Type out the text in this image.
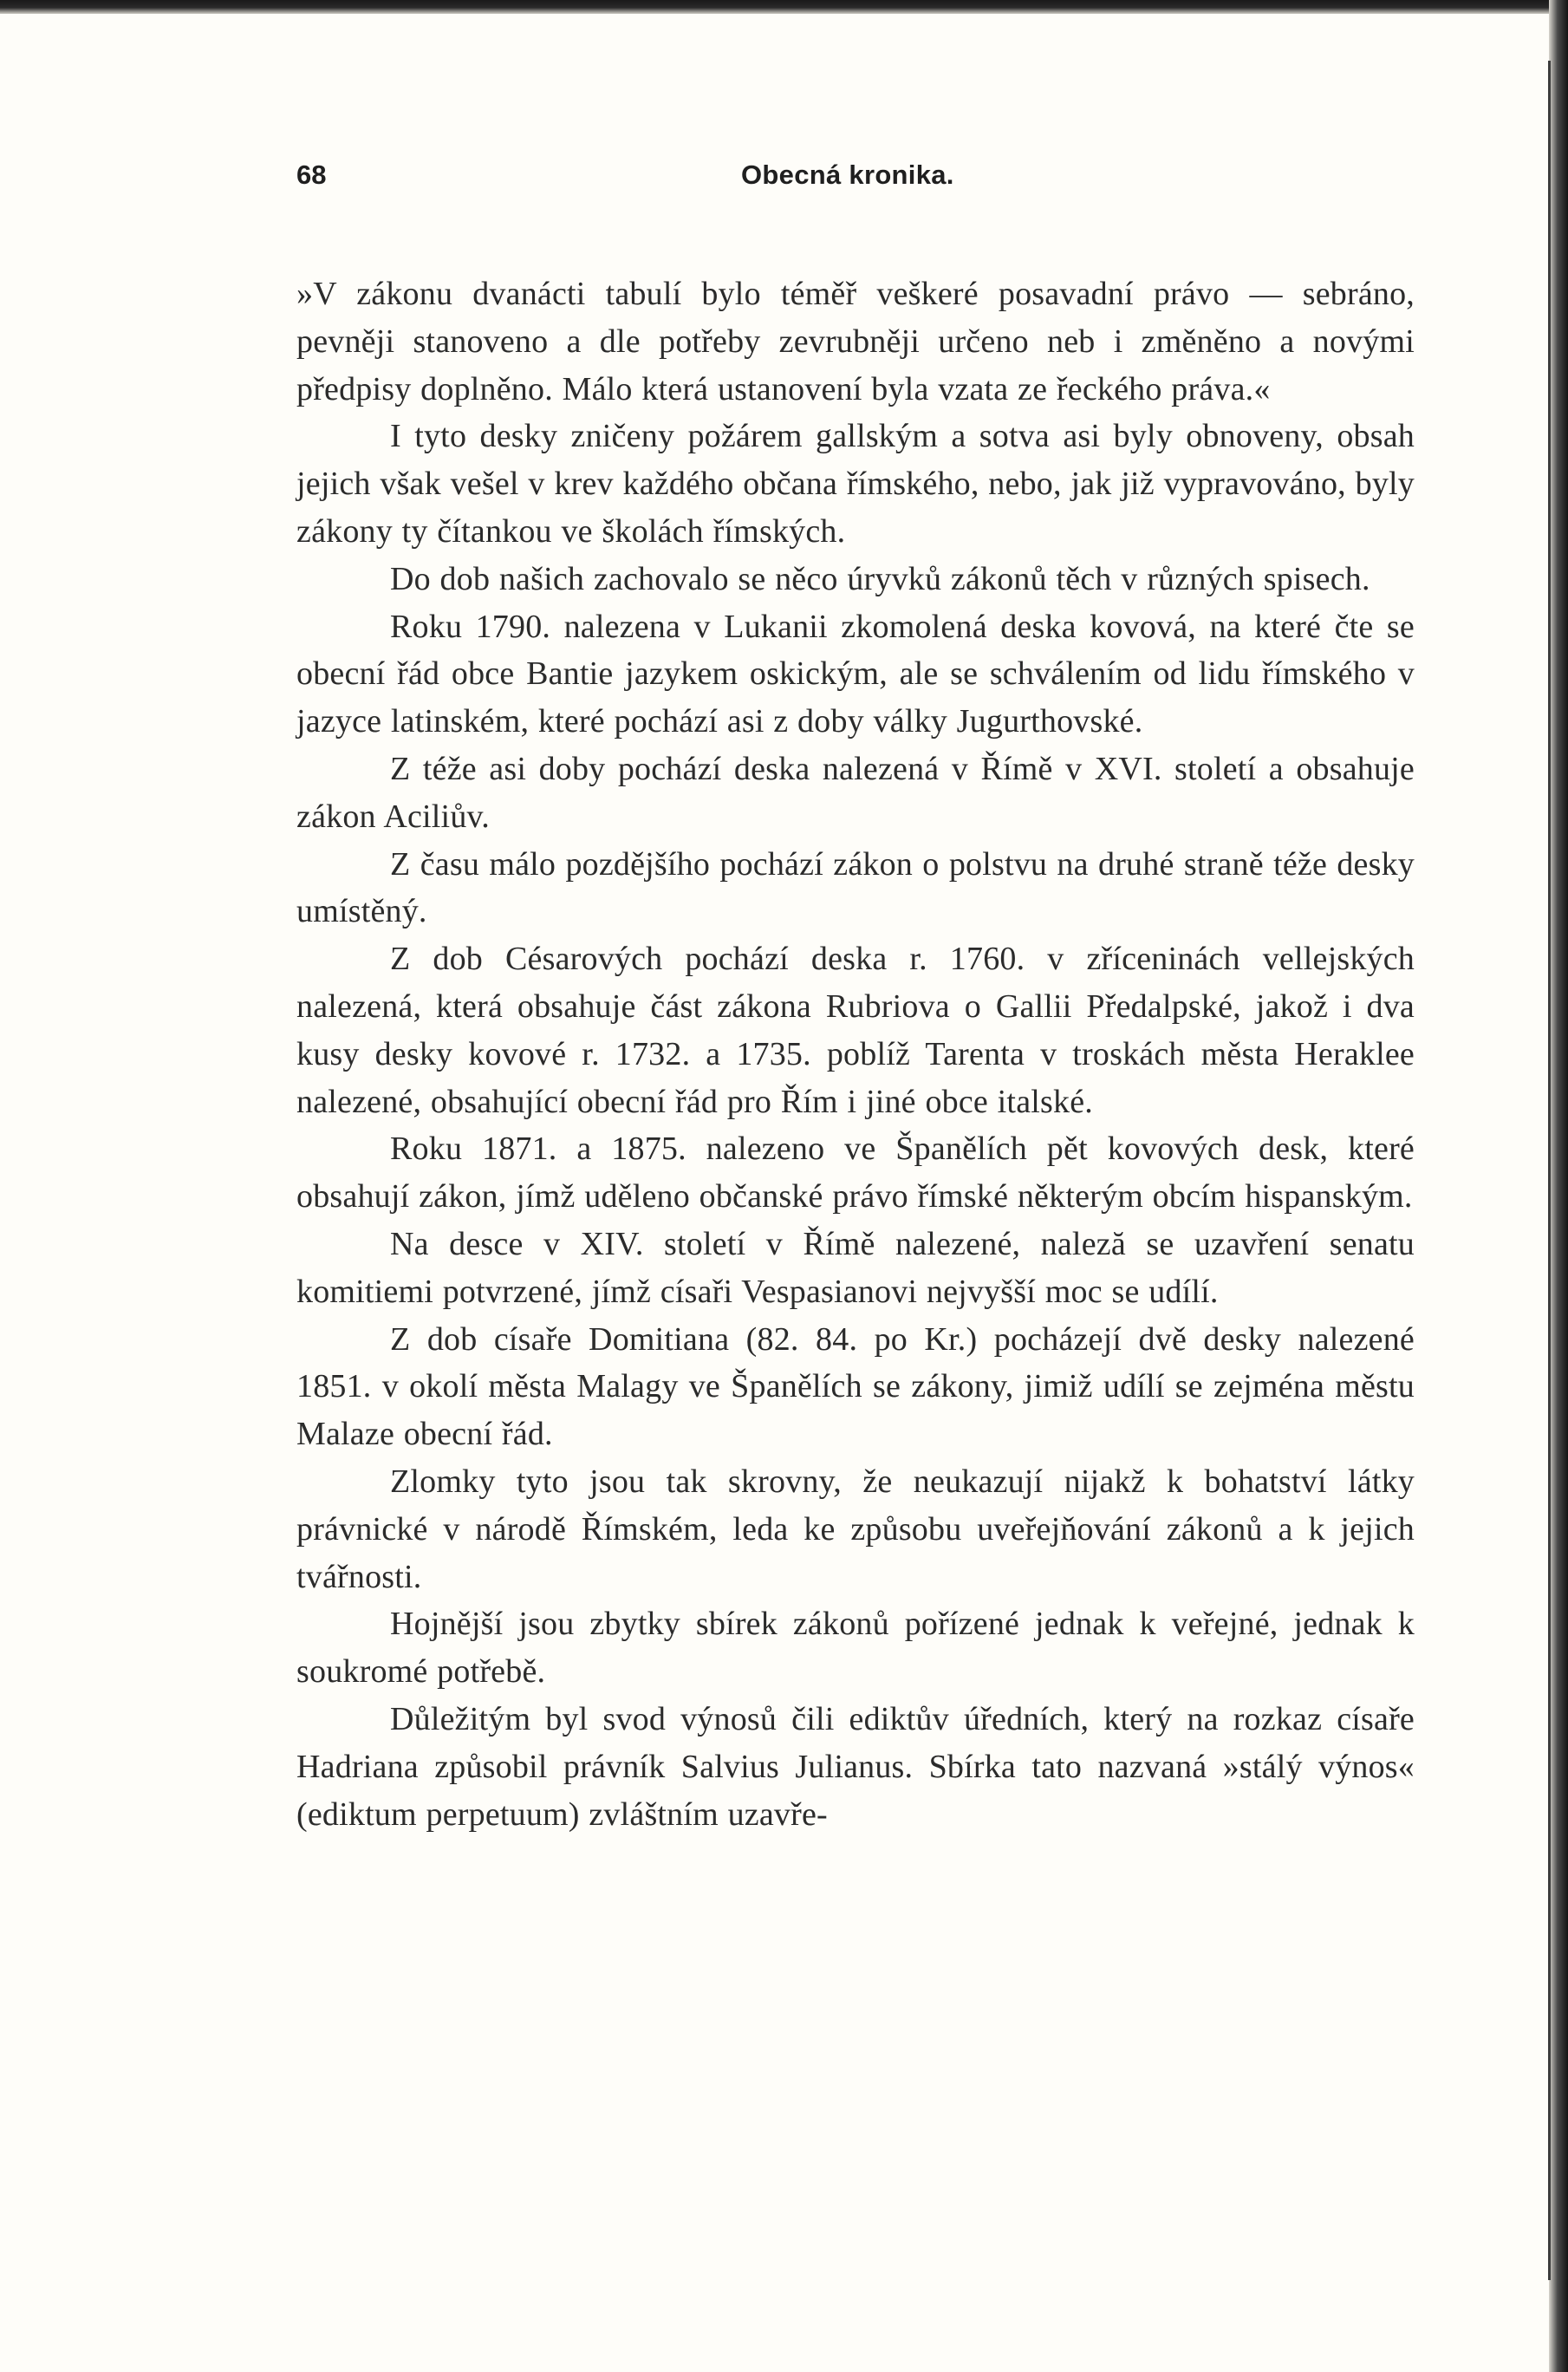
68	Obecná kronika.

»V zákonu dvanácti tabulí bylo téměř veškeré posavadní právo — sebráno, pevněji stanoveno a dle potřeby zevrubněji určeno neb i změněno a novými předpisy doplněno. Málo která ustanovení byla vzata ze řeckého práva.«

I tyto desky zničeny požárem gallským a sotva asi byly obnoveny, obsah jejich však vešel v krev každého občana římského, nebo, jak již vypravováno, byly zákony ty čítankou ve školách římských.

Do dob našich zachovalo se něco úryvků zákonů těch v různých spisech.

Roku 1790. nalezena v Lukanii zkomolená deska kovová, na které čte se obecní řád obce Bantie jazykem oskickým, ale se schválením od lidu římského v jazyce latinském, které pochází asi z doby války Jugurthovské.

Z téže asi doby pochází deska nalezená v Římě v XVI. století a obsahuje zákon Aciliův.

Z času málo pozdějšího pochází zákon o polstvu na druhé straně téže desky umístěný.

Z dob Césarových pochází deska r. 1760. v zříceninách vellejských nalezená, která obsahuje část zákona Rubriova o Gallii Předalpské, jakož i dva kusy desky kovové r. 1732. a 1735. poblíž Tarenta v troskách města Heraklee nalezené, obsahující obecní řád pro Řím i jiné obce italské.

Roku 1871. a 1875. nalezeno ve Španělích pět kovových desk, které obsahují zákon, jímž uděleno občanské právo římské některým obcím hispanským.

Na desce v XIV. století v Římě nalezené, naleză se uzavření senatu komitiemi potvrzené, jímž císaři Vespasianovi nejvyšší moc se udílí.

Z dob císaře Domitiana (82. 84. po Kr.) pocházejí dvě desky nalezené 1851. v okolí města Malagy ve Španělích se zákony, jimiž udílí se zejména městu Malaze obecní řád.

Zlomky tyto jsou tak skrovny, že neukazují nijakž k bohatství látky právnické v národě Římském, leda ke způsobu uveřejňování zákonů a k jejich tvářnosti.

Hojnější jsou zbytky sbírek zákonů pořízené jednak k veřejné, jednak k soukromé potřebě.

Důležitým byl svod výnosů čili ediktův úředních, který na rozkaz císaře Hadriana způsobil právník Salvius Julianus. Sbírka tato nazvaná »stálý výnos« (ediktum perpetuum) zvláštním uzavře-
